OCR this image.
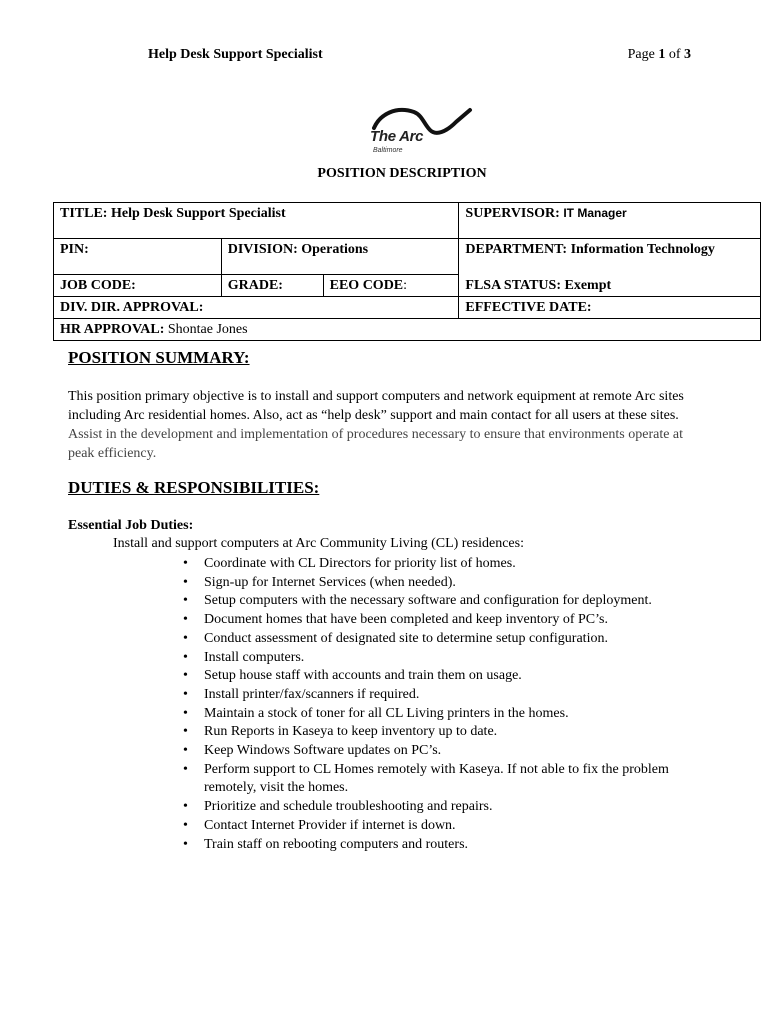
Help Desk Support Specialist	Page 1 of 3
The Arc
Baltimore
POSITION DESCRIPTION
TITLE: Help Desk Support Specialist			SUPERVISOR: IT Manager
PIN:	DIVISION: Operations		DEPARTMENT: Information Technology
JOB CODE:	GRADE:	EEO CODE:	FLSA STATUS: Exempt
DIV. DIR. APPROVAL:			EFFECTIVE DATE:
HR APPROVAL: Shontae Jones			
POSITION SUMMARY:
This position primary objective is to install and support computers and network equipment at remote Arc sites including Arc residential homes. Also, act as “help desk” support and main contact for all users at these sites. Assist in the development and implementation of procedures necessary to ensure that environments operate at peak efficiency.
DUTIES & RESPONSIBILITIES:
Essential Job Duties:
Install and support computers at Arc Community Living (CL) residences:
• Coordinate with CL Directors for priority list of homes.
• Sign-up for Internet Services (when needed).
• Setup computers with the necessary software and configuration for deployment.
• Document homes that have been completed and keep inventory of PC’s.
• Conduct assessment of designated site to determine setup configuration.
• Install computers.
• Setup house staff with accounts and train them on usage.
• Install printer/fax/scanners if required.
• Maintain a stock of toner for all CL Living printers in the homes.
• Run Reports in Kaseya to keep inventory up to date.
• Keep Windows Software updates on PC’s.
• Perform support to CL Homes remotely with Kaseya. If not able to fix the problem remotely, visit the homes.
• Prioritize and schedule troubleshooting and repairs.
• Contact Internet Provider if internet is down.
• Train staff on rebooting computers and routers.
